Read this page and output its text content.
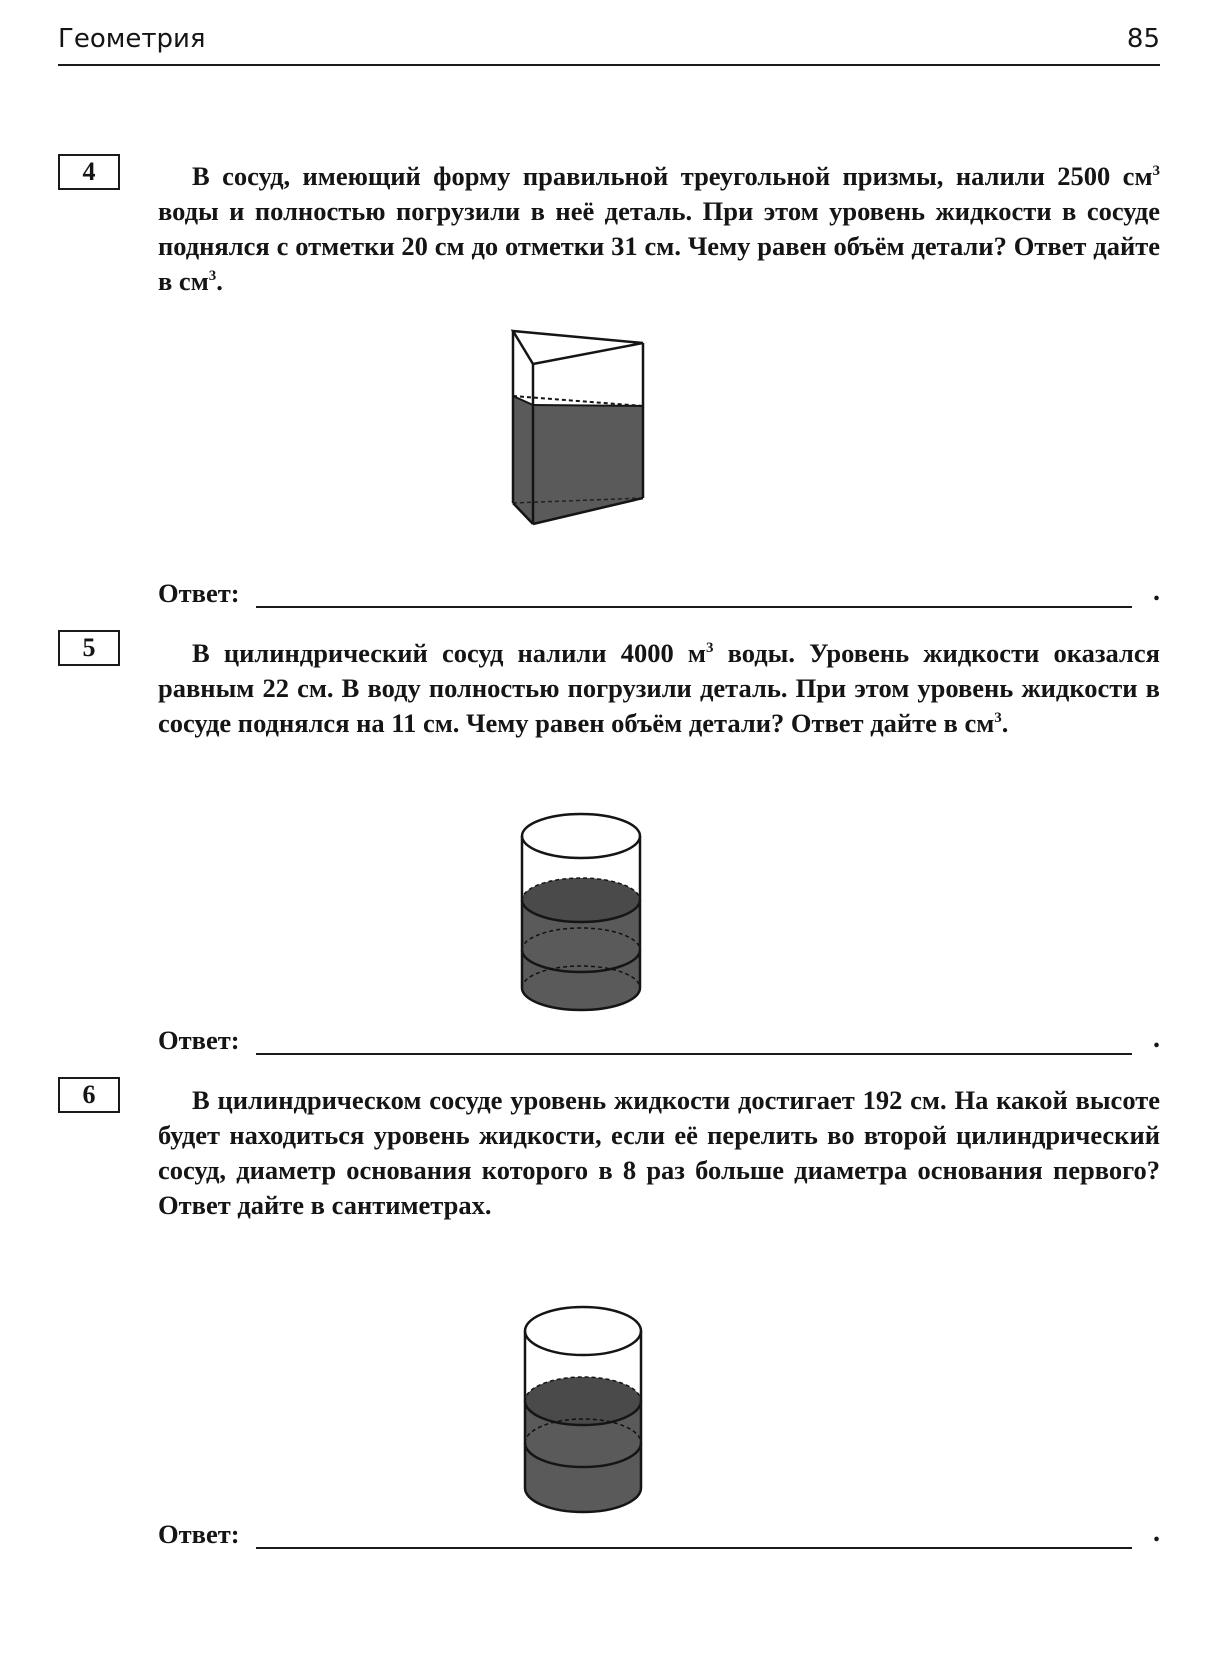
Геометрия	85
4	В сосуд, имеющий форму правильной треугольной призмы, налили 2500 $см^3$ воды и полностью погрузили в неё деталь. При этом уровень жидкости в сосуде поднялся с отметки 20 см до отметки 31 см. Чему равен объём детали? Ответ дайте в $см^3$.

Ответ:	.
5	В цилиндрический сосуд налили 4000 $м^3$ воды. Уровень жидкости оказался равным 22 см. В воду полностью погрузили деталь. При этом уровень жидкости в сосуде поднялся на 11 см. Чему равен объём детали? Ответ дайте в $см^3$.

Ответ:	.
6	В цилиндрическом сосуде уровень жидкости достигает 192 см. На какой высоте будет находиться уровень жидкости, если её перелить во второй цилиндрический сосуд, диаметр основания которого в 8 раз больше диаметра основания первого? Ответ дайте в сантиметрах.

Ответ:	.
